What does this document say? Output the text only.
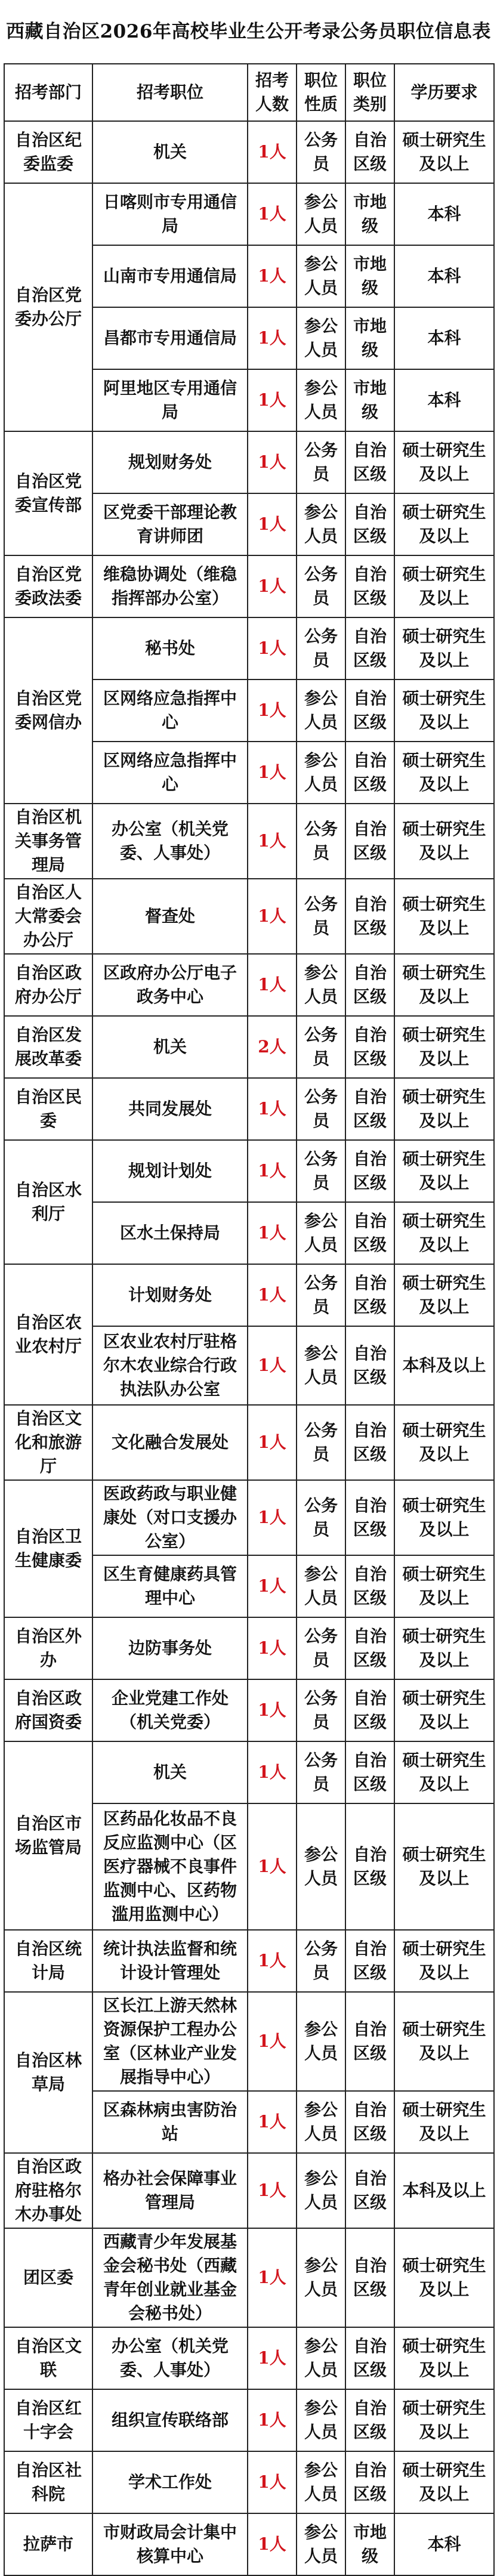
西藏自治区2026年高校毕业生公开考录公务员职位信息表
招考部门	招考职位	招考人数	职位性质	职位类别	学历要求
自治区纪委监委	机关	1人	公务员	自治区级	硕士研究生及以上
自治区党委办公厅	日喀则市专用通信局	1人	参公人员	市地级	本科
	山南市专用通信局	1人	参公人员	市地级	本科
	昌都市专用通信局	1人	参公人员	市地级	本科
	阿里地区专用通信局	1人	参公人员	市地级	本科
自治区党委宣传部	规划财务处	1人	公务员	自治区级	硕士研究生及以上
	区党委干部理论教育讲师团	1人	参公人员	自治区级	硕士研究生及以上
自治区党委政法委	维稳协调处（维稳指挥部办公室）	1人	公务员	自治区级	硕士研究生及以上
自治区党委网信办	秘书处	1人	公务员	自治区级	硕士研究生及以上
	区网络应急指挥中心	1人	参公人员	自治区级	硕士研究生及以上
	区网络应急指挥中心	1人	参公人员	自治区级	硕士研究生及以上
自治区机关事务管理局	办公室（机关党委、人事处）	1人	公务员	自治区级	硕士研究生及以上
自治区人大常委会办公厅	督查处	1人	公务员	自治区级	硕士研究生及以上
自治区政府办公厅	区政府办公厅电子政务中心	1人	参公人员	自治区级	硕士研究生及以上
自治区发展改革委	机关	2人	公务员	自治区级	硕士研究生及以上
自治区民委	共同发展处	1人	公务员	自治区级	硕士研究生及以上
自治区水利厅	规划计划处	1人	公务员	自治区级	硕士研究生及以上
	区水土保持局	1人	参公人员	自治区级	硕士研究生及以上
自治区农业农村厅	计划财务处	1人	公务员	自治区级	硕士研究生及以上
	区农业农村厅驻格尔木农业综合行政执法队办公室	1人	参公人员	自治区级	本科及以上
自治区文化和旅游厅	文化融合发展处	1人	公务员	自治区级	硕士研究生及以上
自治区卫生健康委	医政药政与职业健康处（对口支援办公室）	1人	公务员	自治区级	硕士研究生及以上
	区生育健康药具管理中心	1人	参公人员	自治区级	硕士研究生及以上
自治区外办	边防事务处	1人	公务员	自治区级	硕士研究生及以上
自治区政府国资委	企业党建工作处（机关党委）	1人	公务员	自治区级	硕士研究生及以上
自治区市场监管局	机关	1人	公务员	自治区级	硕士研究生及以上
	区药品化妆品不良反应监测中心（区医疗器械不良事件监测中心、区药物滥用监测中心）	1人	参公人员	自治区级	硕士研究生及以上
自治区统计局	统计执法监督和统计设计管理处	1人	公务员	自治区级	硕士研究生及以上
自治区林草局	区长江上游天然林资源保护工程办公室（区林业产业发展指导中心）	1人	参公人员	自治区级	硕士研究生及以上
	区森林病虫害防治站	1人	参公人员	自治区级	硕士研究生及以上
自治区政府驻格尔木办事处	格办社会保障事业管理局	1人	参公人员	自治区级	本科及以上
团区委	西藏青少年发展基金会秘书处（西藏青年创业就业基金会秘书处）	1人	参公人员	自治区级	硕士研究生及以上
自治区文联	办公室（机关党委、人事处）	1人	参公人员	自治区级	硕士研究生及以上
自治区红十字会	组织宣传联络部	1人	参公人员	自治区级	硕士研究生及以上
自治区社科院	学术工作处	1人	参公人员	自治区级	硕士研究生及以上
拉萨市	市财政局会计集中核算中心	1人	参公人员	市地级	本科
